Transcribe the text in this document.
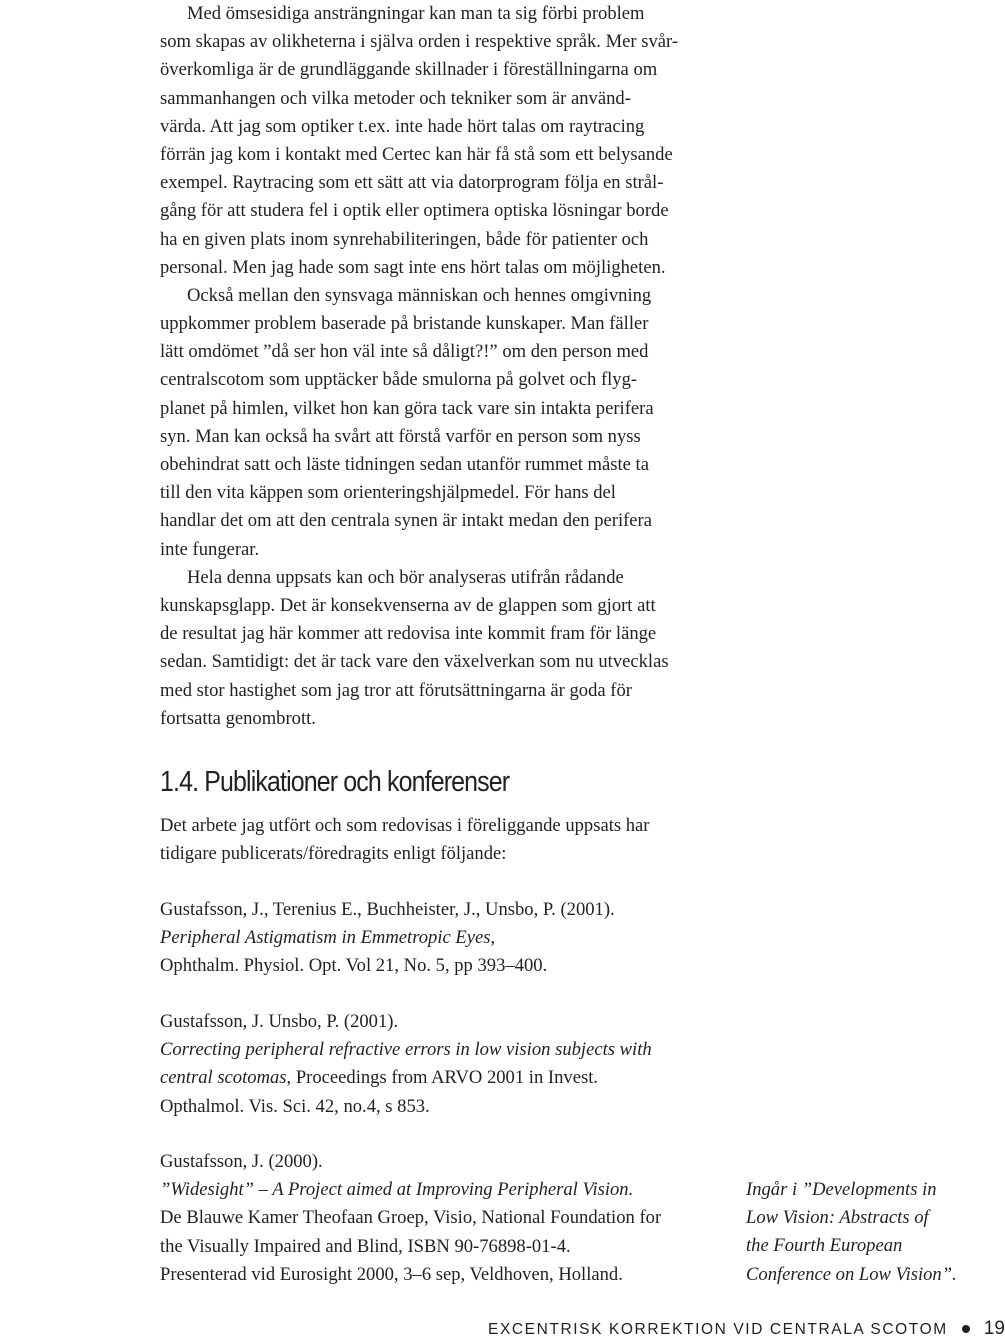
Med ömsesidiga ansträngningar kan man ta sig förbi problem
som skapas av olikheterna i själva orden i respektive språk. Mer svår-
överkomliga är de grundläggande skillnader i föreställningarna om
sammanhangen och vilka metoder och tekniker som är använd-
värda. Att jag som optiker t.ex. inte hade hört talas om raytracing
förrän jag kom i kontakt med Certec kan här få stå som ett belysande
exempel. Raytracing som ett sätt att via datorprogram följa en strål-
gång för att studera fel i optik eller optimera optiska lösningar borde
ha en given plats inom synrehabiliteringen, både för patienter och
personal. Men jag hade som sagt inte ens hört talas om möjligheten.
Också mellan den synsvaga människan och hennes omgivning
uppkommer problem baserade på bristande kunskaper. Man fäller
lätt omdömet ”då ser hon väl inte så dåligt?!” om den person med
centralscotom som upptäcker både smulorna på golvet och flyg-
planet på himlen, vilket hon kan göra tack vare sin intakta perifera
syn. Man kan också ha svårt att förstå varför en person som nyss
obehindrat satt och läste tidningen sedan utanför rummet måste ta
till den vita käppen som orienteringshjälpmedel. För hans del
handlar det om att den centrala synen är intakt medan den perifera
inte fungerar.
Hela denna uppsats kan och bör analyseras utifrån rådande
kunskapsglapp. Det är konsekvenserna av de glappen som gjort att
de resultat jag här kommer att redovisa inte kommit fram för länge
sedan. Samtidigt: det är tack vare den växelverkan som nu utvecklas
med stor hastighet som jag tror att förutsättningarna är goda för
fortsatta genombrott.
1.4. Publikationer och konferenser
Det arbete jag utfört och som redovisas i föreliggande uppsats har
tidigare publicerats/föredragits enligt följande:
Gustafsson, J., Terenius E., Buchheister, J., Unsbo, P. (2001).
Peripheral Astigmatism in Emmetropic Eyes,
Ophthalm. Physiol. Opt. Vol 21, No. 5, pp 393–400.
Gustafsson, J. Unsbo, P. (2001).
Correcting peripheral refractive errors in low vision subjects with
central scotomas, Proceedings from ARVO 2001 in Invest.
Opthalmol. Vis. Sci. 42, no.4, s 853.
Gustafsson, J. (2000).
”Widesight” – A Project aimed at Improving Peripheral Vision.
De Blauwe Kamer Theofaan Groep, Visio, National Foundation for
the Visually Impaired and Blind, ISBN 90-76898-01-4.
Presenterad vid Eurosight 2000, 3–6 sep, Veldhoven, Holland.
Ingår i ”Developments in
Low Vision: Abstracts of
the Fourth European
Conference on Low Vision”.
EXCENTRISK KORREKTION VID CENTRALA SCOTOM 19
